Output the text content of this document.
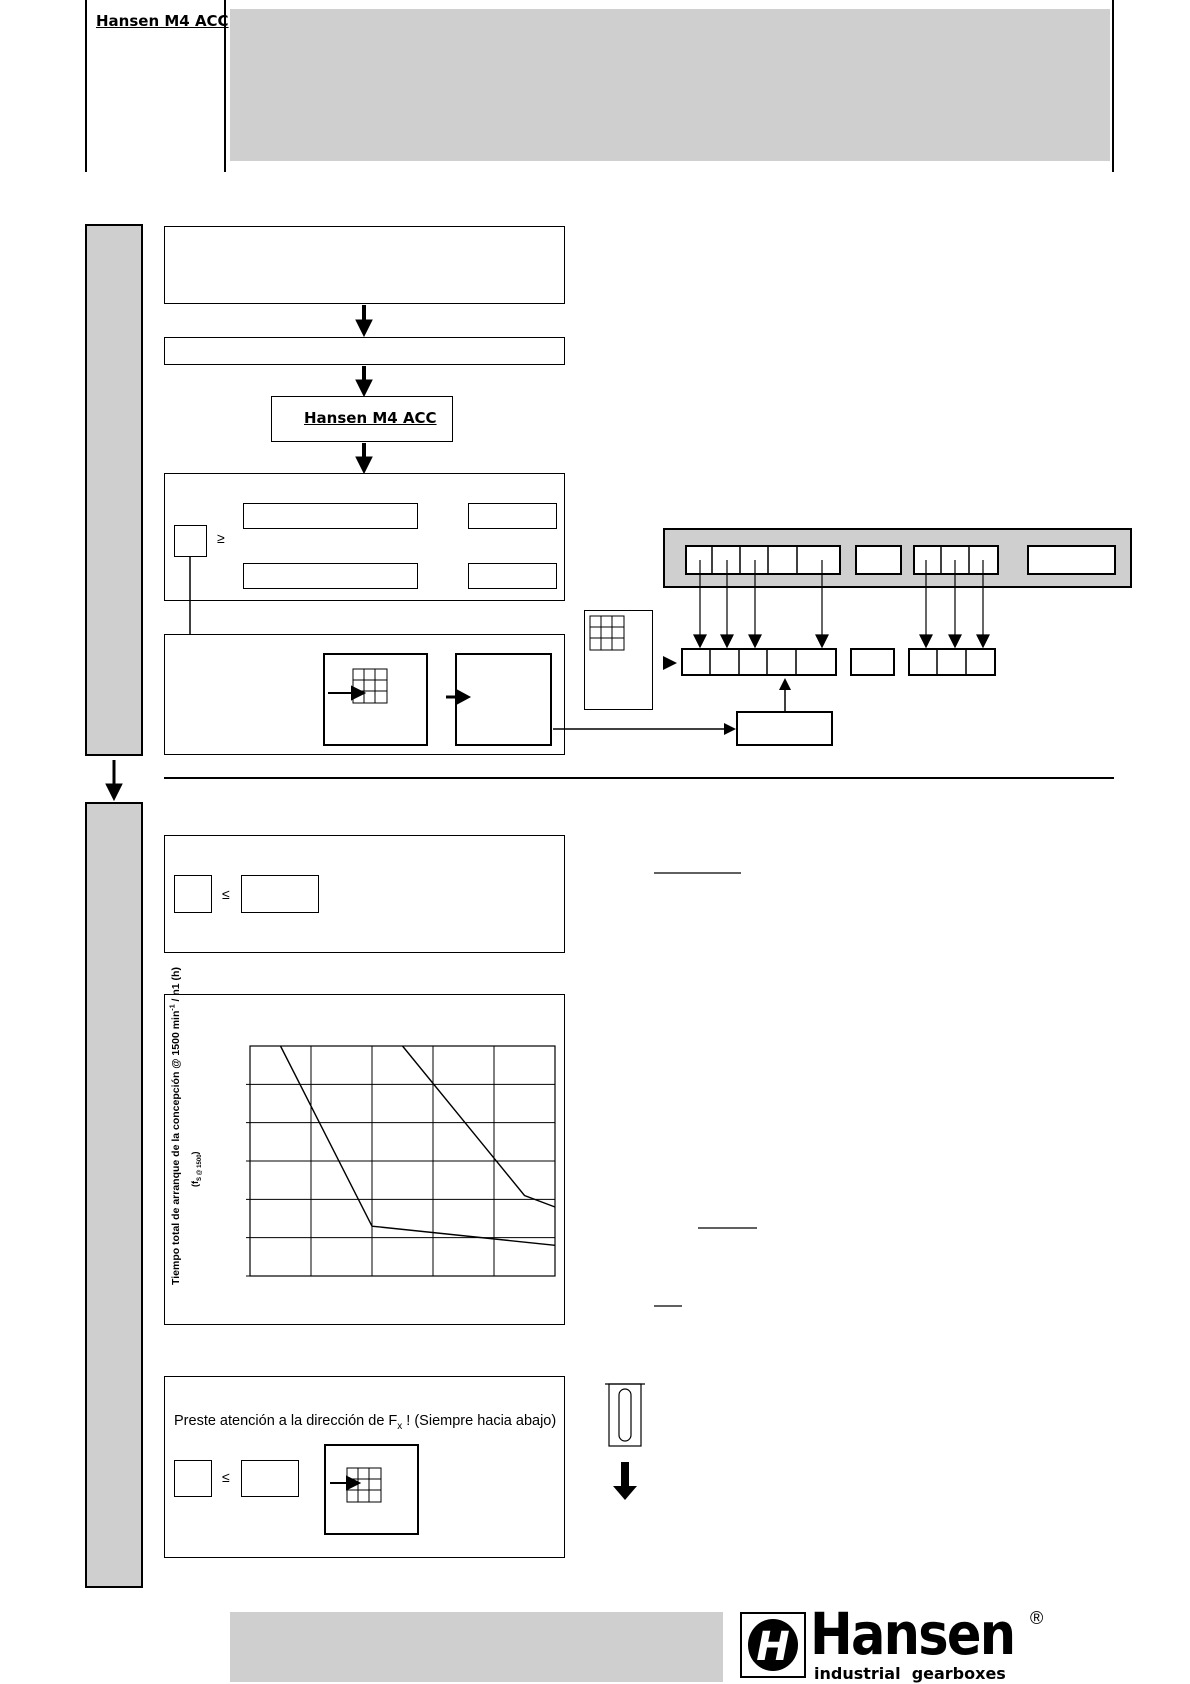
Hansen M4 ACC
Hansen M4 ACC
≥
≤
Tiempo total de arranque de la concepción @ 1500 $\min^{-1} / n1$ (h)
$(f_{S @ 1500})$
Preste atención a la dirección de $F_x$ ! (Siempre hacia abajo)
≤
H Hansen ®
industrial  gearboxes
